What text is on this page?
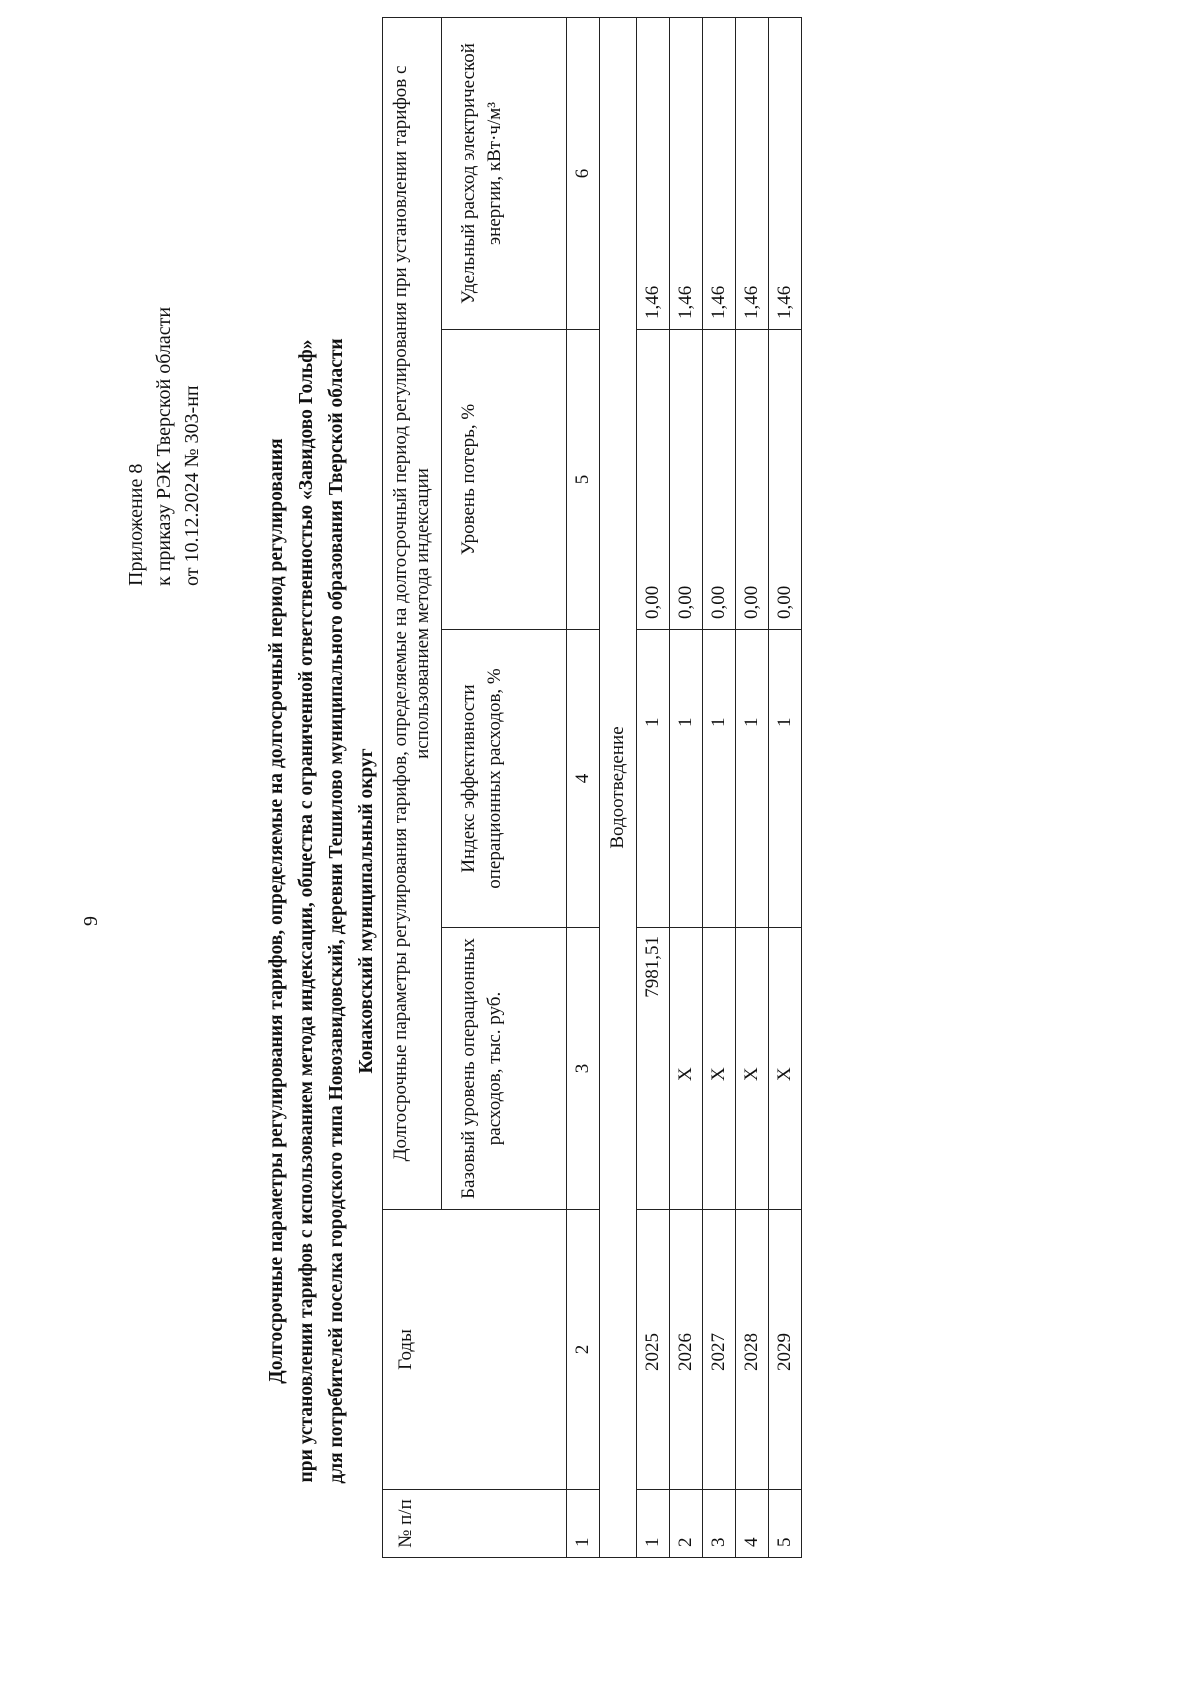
9
Приложение 8 к приказу РЭК Тверской области от 10.12.2024 № 303-нп	Долгосрочные параметры регулирования тарифов, определяемые на долгосрочный период регулирования при установлении тарифов с использованием метода индексации, общества с ограниченной ответственностью «Завидово Гольф» для потребителей поселка городского типа Новозавидовский, деревни Тешилово муниципального образования Тверской области Конаковский муниципальный округ
№ п/п	Годы	Долгосрочные параметры регулирования тарифов, определяемые на долгосрочный период регулирования при установлении тарифов с использованием метода индексации			
		Базовый уровень операционных расходов, тыс. руб.	Индекс эффективности операционных расходов, %	Уровень потерь, %	Удельный расход электрической энергии, кВт·ч/м³
1	2	3	4	5	6
Водоотведение					
1	2025	7981,51	1	0,00	1,46
2	2026	X	1	0,00	1,46
3	2027	X	1	0,00	1,46
4	2028	X	1	0,00	1,46
5	2029	X	1	0,00	1,46
